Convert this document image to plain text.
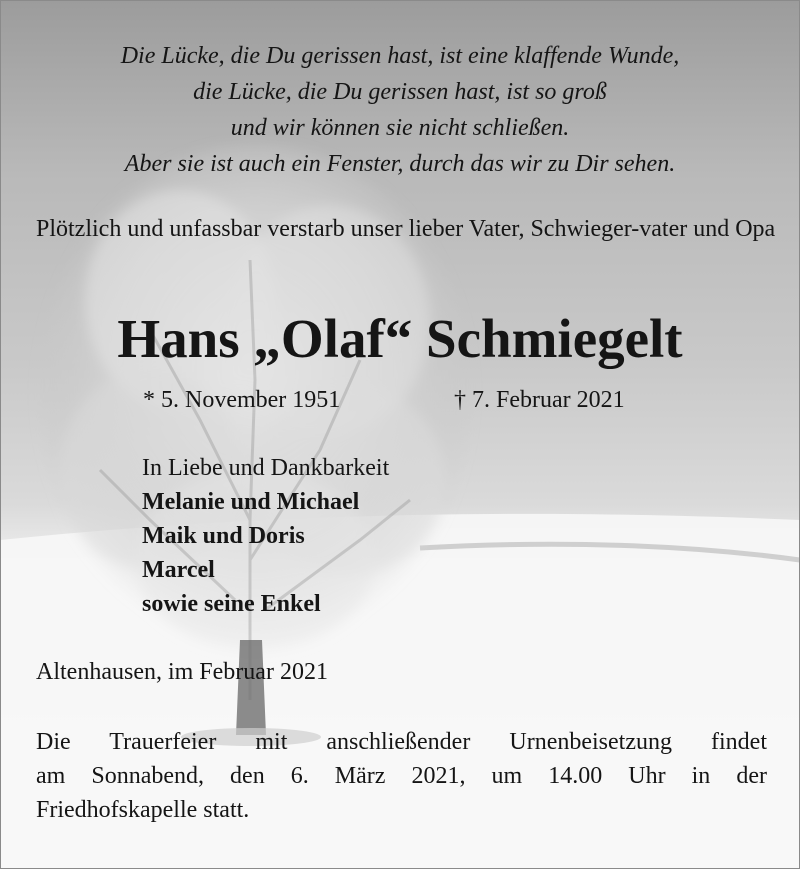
Die Lücke, die Du gerissen hast, ist eine klaffende Wunde,
die Lücke, die Du gerissen hast, ist so groß
und wir können sie nicht schließen.
Aber sie ist auch ein Fenster, durch das wir zu Dir sehen.
Plötzlich und unfassbar verstarb unser lieber Vater, Schwieger-vater und Opa
Hans „Olaf“ Schmiegelt
* 5. November 1951	† 7. Februar 2021
In Liebe und Dankbarkeit
Melanie und Michael
Maik und Doris
Marcel
sowie seine Enkel
Altenhausen, im Februar 2021
Die Trauerfeier mit anschließender Urnenbeisetzung findet
am Sonnabend, den 6. März 2021, um 14.00 Uhr in der
Friedhofskapelle statt.
